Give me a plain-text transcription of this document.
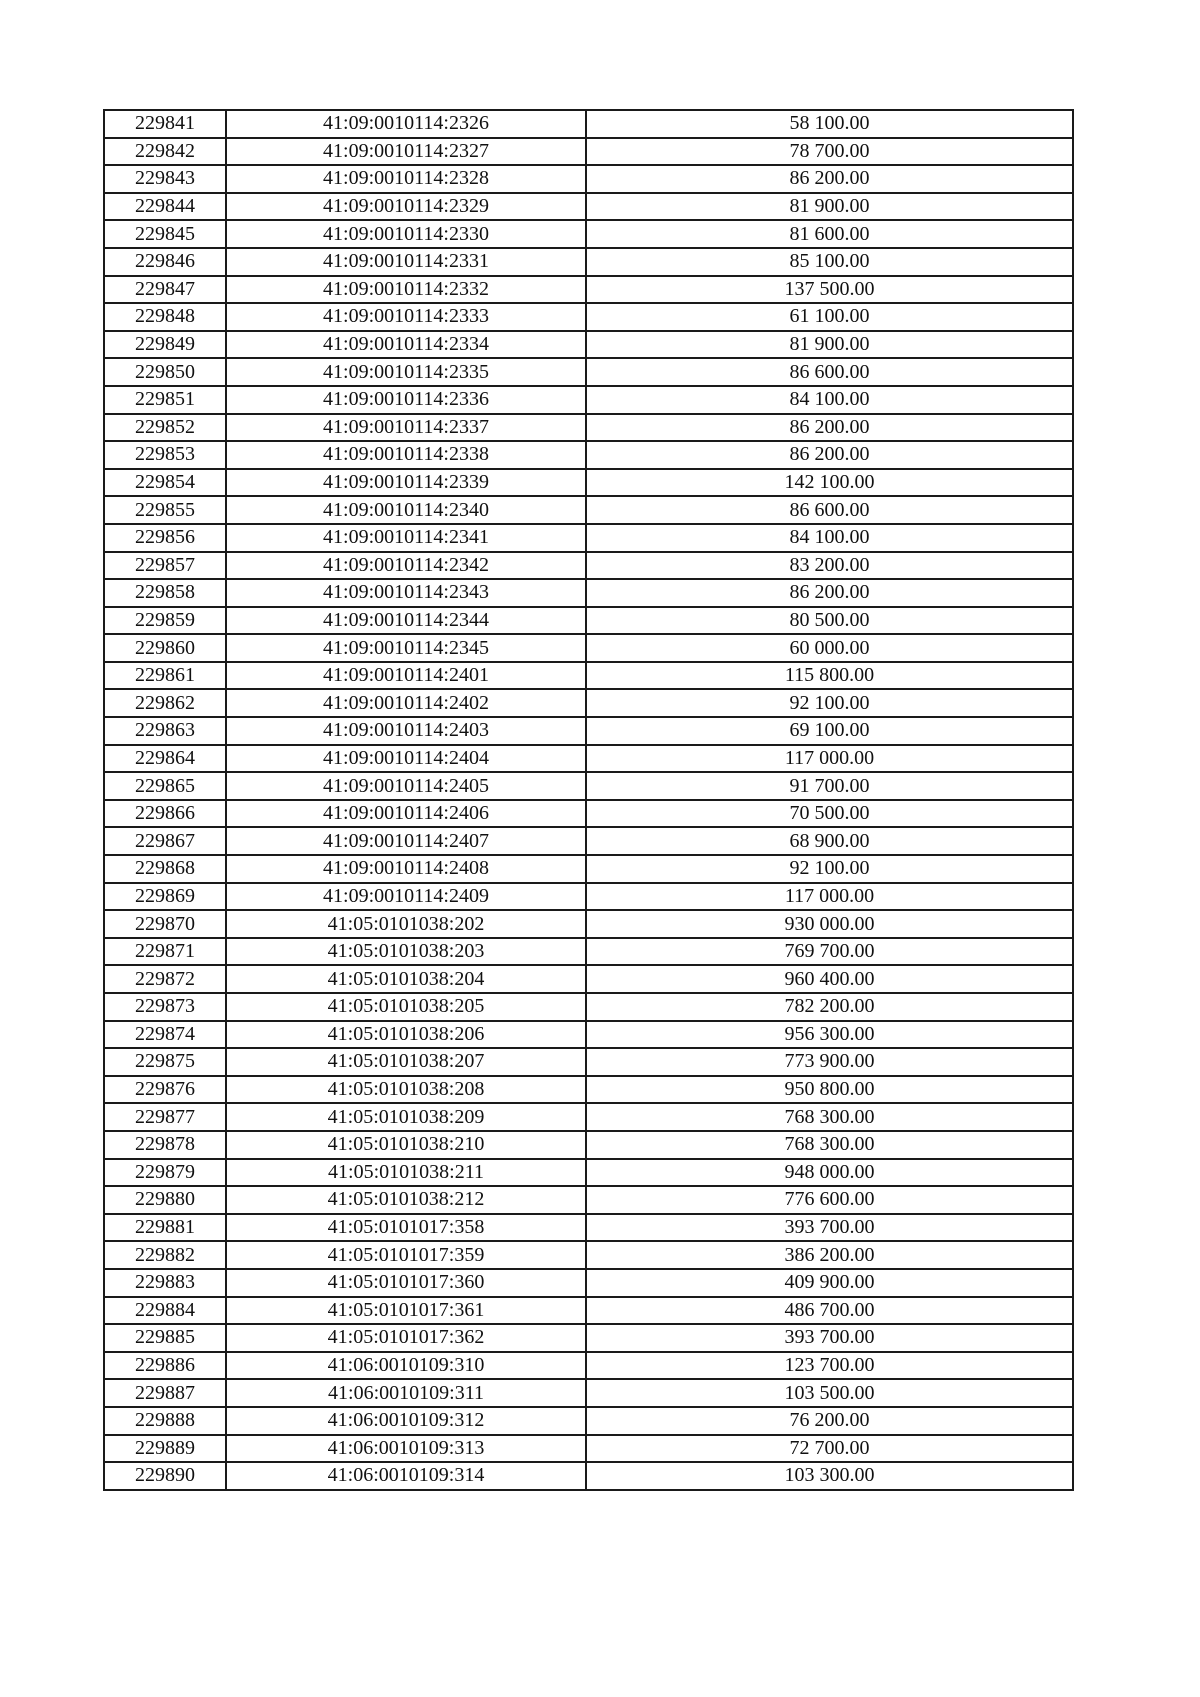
229841	41:09:0010114:2326	58 100.00
229842	41:09:0010114:2327	78 700.00
229843	41:09:0010114:2328	86 200.00
229844	41:09:0010114:2329	81 900.00
229845	41:09:0010114:2330	81 600.00
229846	41:09:0010114:2331	85 100.00
229847	41:09:0010114:2332	137 500.00
229848	41:09:0010114:2333	61 100.00
229849	41:09:0010114:2334	81 900.00
229850	41:09:0010114:2335	86 600.00
229851	41:09:0010114:2336	84 100.00
229852	41:09:0010114:2337	86 200.00
229853	41:09:0010114:2338	86 200.00
229854	41:09:0010114:2339	142 100.00
229855	41:09:0010114:2340	86 600.00
229856	41:09:0010114:2341	84 100.00
229857	41:09:0010114:2342	83 200.00
229858	41:09:0010114:2343	86 200.00
229859	41:09:0010114:2344	80 500.00
229860	41:09:0010114:2345	60 000.00
229861	41:09:0010114:2401	115 800.00
229862	41:09:0010114:2402	92 100.00
229863	41:09:0010114:2403	69 100.00
229864	41:09:0010114:2404	117 000.00
229865	41:09:0010114:2405	91 700.00
229866	41:09:0010114:2406	70 500.00
229867	41:09:0010114:2407	68 900.00
229868	41:09:0010114:2408	92 100.00
229869	41:09:0010114:2409	117 000.00
229870	41:05:0101038:202	930 000.00
229871	41:05:0101038:203	769 700.00
229872	41:05:0101038:204	960 400.00
229873	41:05:0101038:205	782 200.00
229874	41:05:0101038:206	956 300.00
229875	41:05:0101038:207	773 900.00
229876	41:05:0101038:208	950 800.00
229877	41:05:0101038:209	768 300.00
229878	41:05:0101038:210	768 300.00
229879	41:05:0101038:211	948 000.00
229880	41:05:0101038:212	776 600.00
229881	41:05:0101017:358	393 700.00
229882	41:05:0101017:359	386 200.00
229883	41:05:0101017:360	409 900.00
229884	41:05:0101017:361	486 700.00
229885	41:05:0101017:362	393 700.00
229886	41:06:0010109:310	123 700.00
229887	41:06:0010109:311	103 500.00
229888	41:06:0010109:312	76 200.00
229889	41:06:0010109:313	72 700.00
229890	41:06:0010109:314	103 300.00
